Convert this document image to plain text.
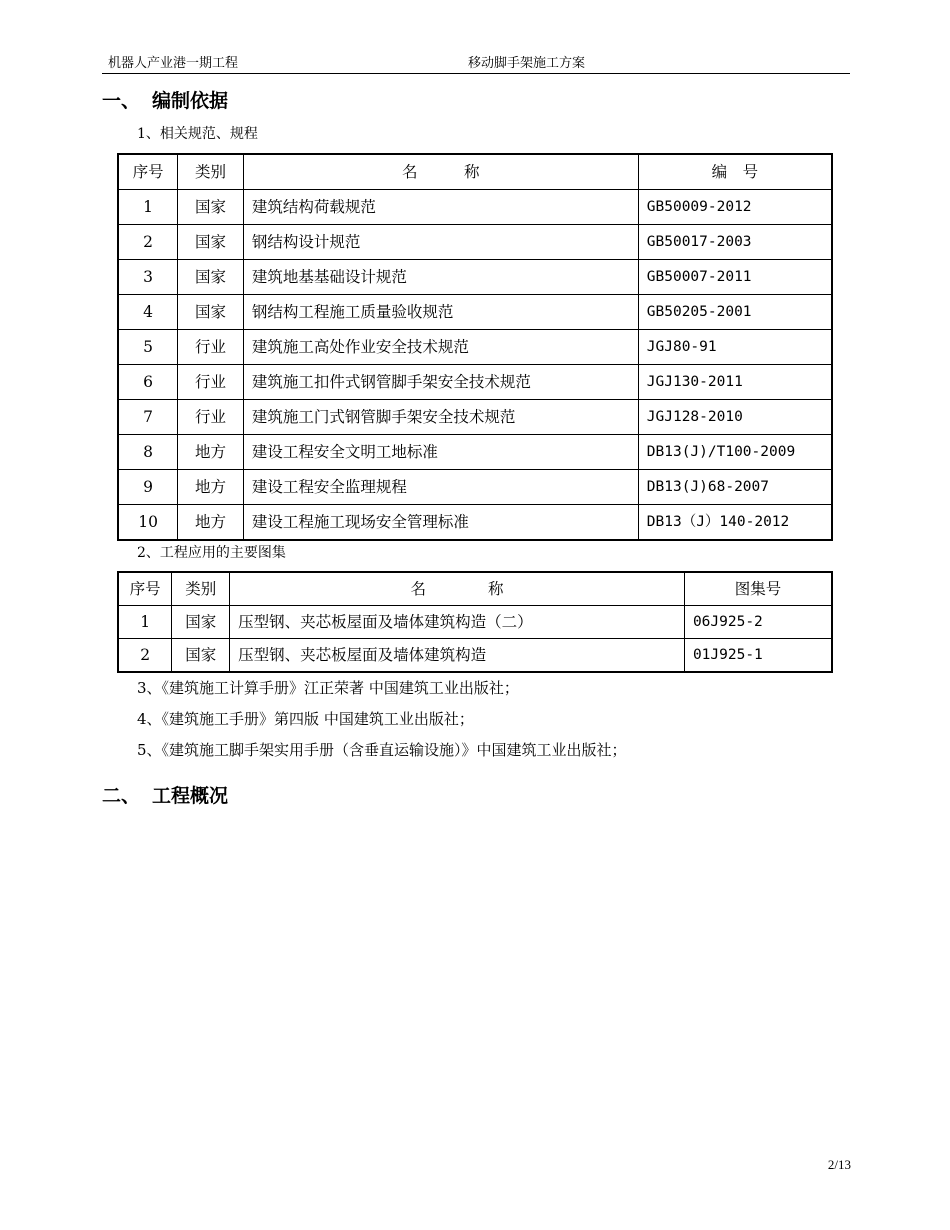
机器人产业港一期工程	移动脚手架施工方案
一、 编制依据
1、相关规范、规程
序号	类别	名　　　称	编　号
1	国家	建筑结构荷载规范	GB50009-2012
2	国家	钢结构设计规范	GB50017-2003
3	国家	建筑地基基础设计规范	GB50007-2011
4	国家	钢结构工程施工质量验收规范	GB50205-2001
5	行业	建筑施工高处作业安全技术规范	JGJ80-91
6	行业	建筑施工扣件式钢管脚手架安全技术规范	JGJ130-2011
7	行业	建筑施工门式钢管脚手架安全技术规范	JGJ128-2010
8	地方	建设工程安全文明工地标准	DB13(J)/T100-2009
9	地方	建设工程安全监理规程	DB13(J)68-2007
10	地方	建设工程施工现场安全管理标准	DB13（J）140-2012
2、工程应用的主要图集
序号	类别	名　　　　称	图集号
1	国家	压型钢、夹芯板屋面及墙体建筑构造（二）	06J925-2
2	国家	压型钢、夹芯板屋面及墙体建筑构造	01J925-1
3、《建筑施工计算手册》江正荣著 中国建筑工业出版社；
4、《建筑施工手册》第四版 中国建筑工业出版社；
5、《建筑施工脚手架实用手册（含垂直运输设施）》中国建筑工业出版社；
二、 工程概况
2/13
